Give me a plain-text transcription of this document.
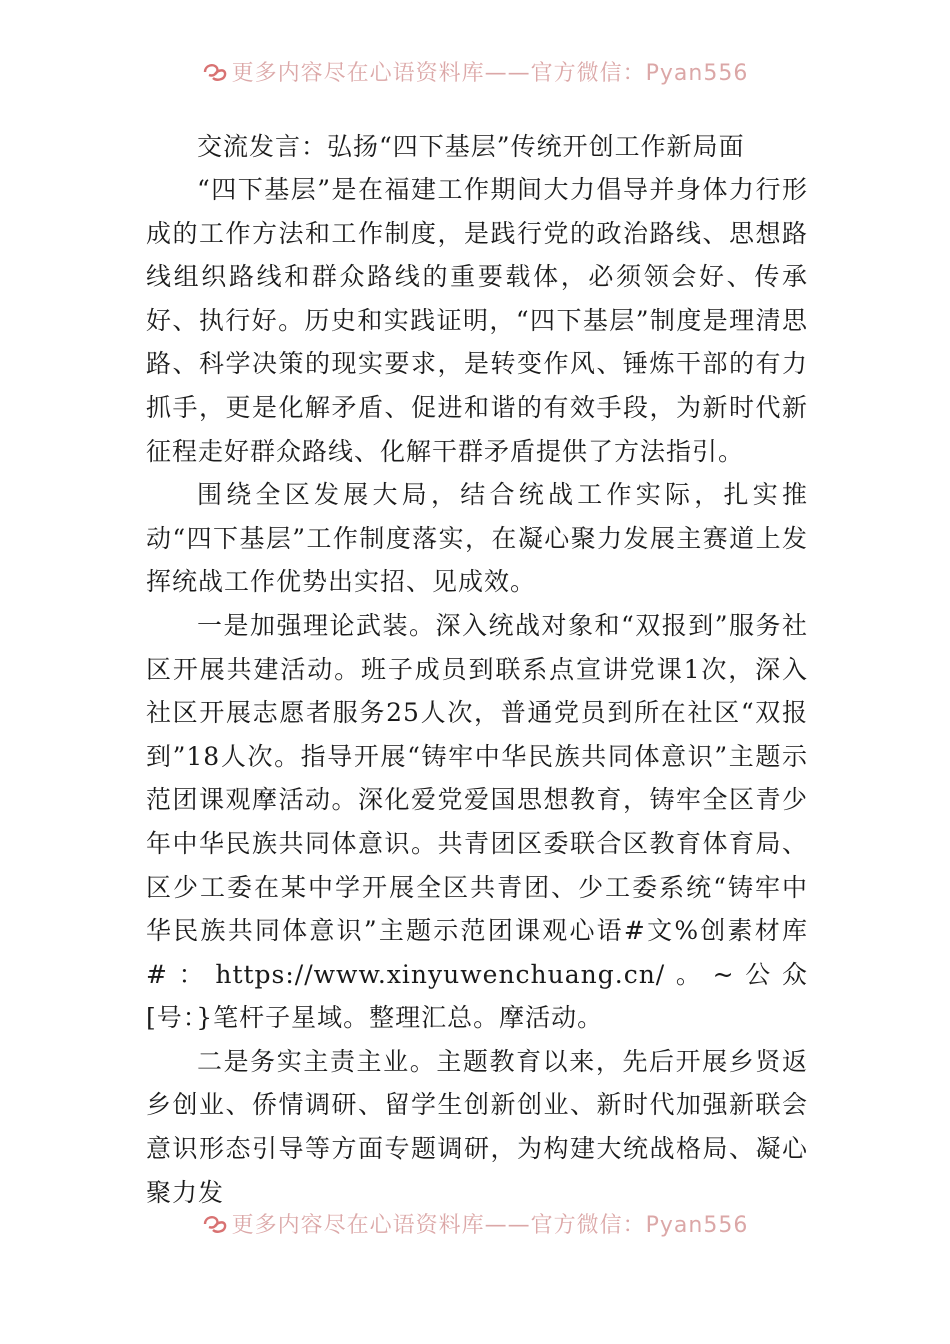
更多内容尽在心语资料库——官方微信：Pyan556
交流发言：弘扬“四下基层”传统开创工作新局面

“四下基层”是在福建工作期间大力倡导并身体力行形成的工作方法和工作制度，是践行党的政治路线、思想路线组织路线和群众路线的重要载体，必须领会好、传承好、执行好。历史和实践证明，“四下基层”制度是理清思路、科学决策的现实要求，是转变作风、锤炼干部的有力抓手，更是化解矛盾、促进和谐的有效手段，为新时代新征程走好群众路线、化解干群矛盾提供了方法指引。

围绕全区发展大局，结合统战工作实际，扎实推动“四下基层”工作制度落实，在凝心聚力发展主赛道上发挥统战工作优势出实招、见成效。

一是加强理论武装。深入统战对象和“双报到”服务社区开展共建活动。班子成员到联系点宣讲党课1次，深入社区开展志愿者服务25人次，普通党员到所在社区“双报到”18人次。指导开展“铸牢中华民族共同体意识”主题示范团课观摩活动。深化爱党爱国思想教育，铸牢全区青少年中华民族共同体意识。共青团区委联合区教育体育局、区少工委在某中学开展全区共青团、少工委系统“铸牢中华民族共同体意识”主题示范团课观心语#文%创素材库#：https://www.xinyuwenchuang.cn/。~公众[号：}笔杆子星域。整理汇总。摩活动。

二是务实主责主业。主题教育以来，先后开展乡贤返乡创业、侨情调研、留学生创新创业、新时代加强新联会意识形态引导等方面专题调研，为构建大统战格局、凝心聚力发

更多内容尽在心语资料库——官方微信：Pyan556
